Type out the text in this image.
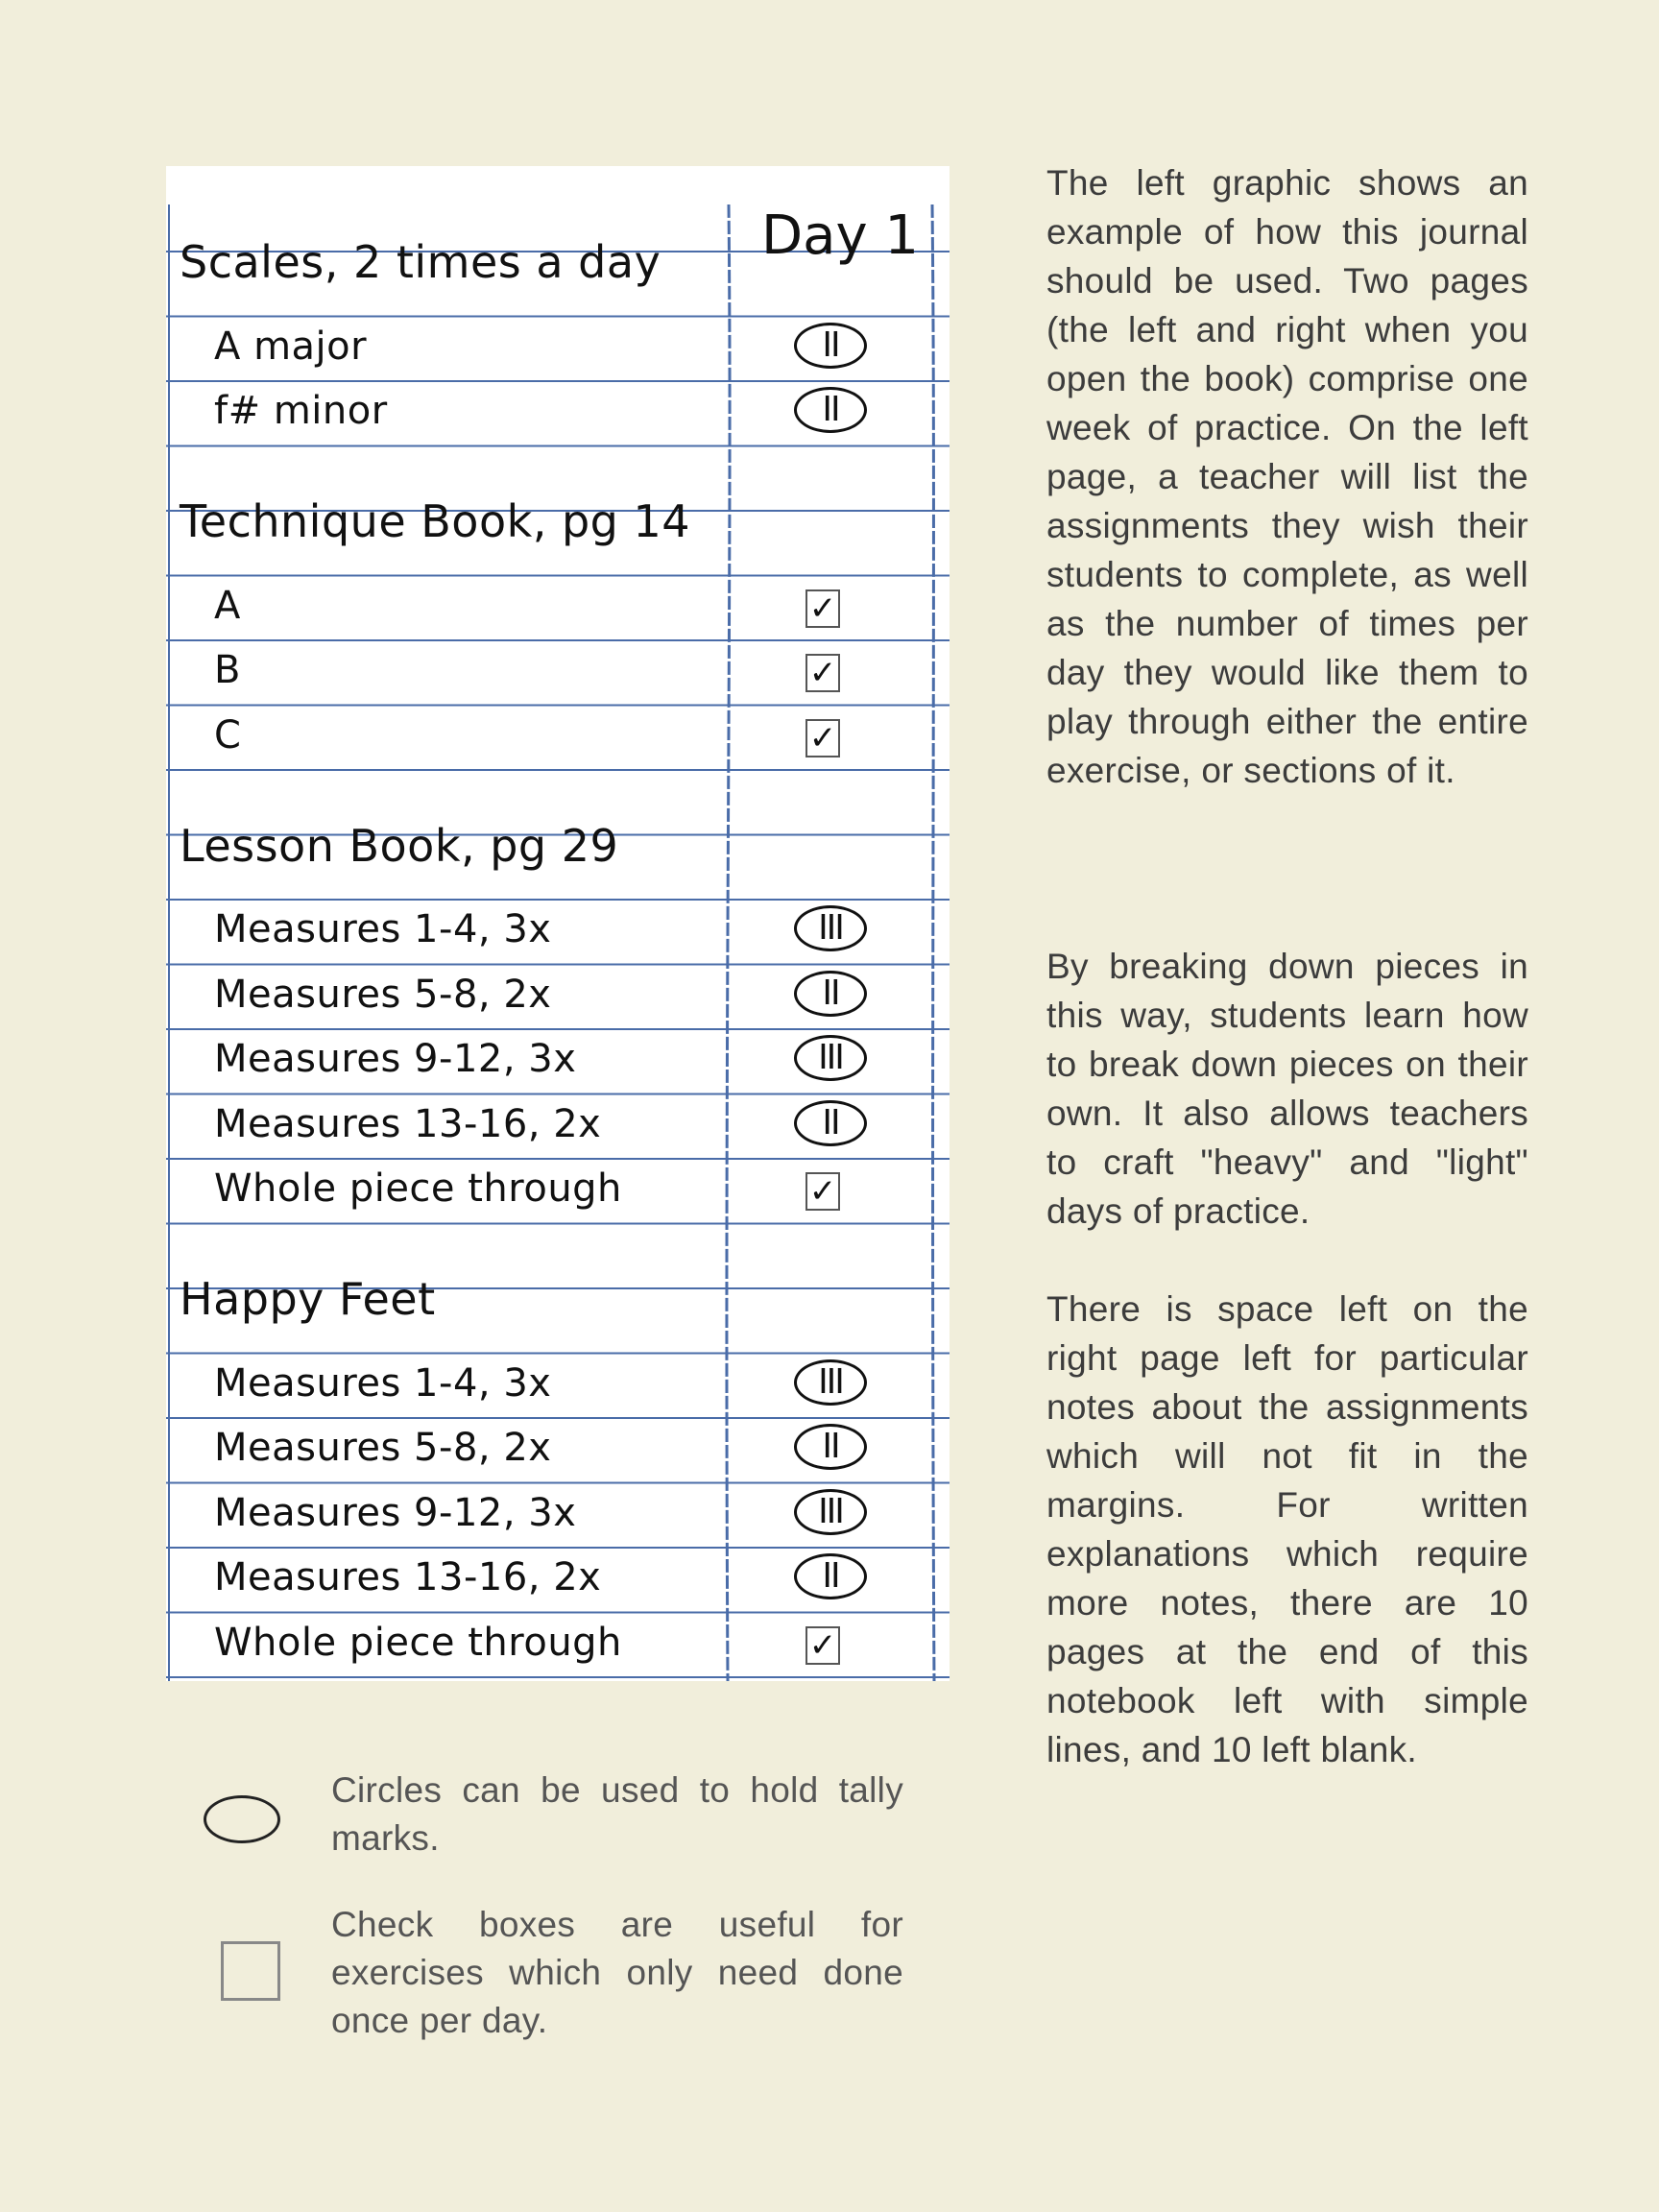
Day 1
Scales, 2 times a day
A major	II
f# minor	II
Technique Book, pg 14
A	✓
B	✓
C	✓
Lesson Book, pg 29
Measures 1-4, 3x	III
Measures 5-8, 2x	II
Measures 9-12, 3x	III
Measures 13-16, 2x	II
Whole piece through	✓
Happy Feet
Measures 1-4, 3x	III
Measures 5-8, 2x	II
Measures 9-12, 3x	III
Measures 13-16, 2x	II
Whole piece through	✓

The left graphic shows an example of how this journal should be used. Two pages (the left and right when you open the book) comprise one week of practice. On the left page, a teacher will list the assignments they wish their students to complete, as well as the number of times per day they would like them to play through either the entire exercise, or sections of it.

By breaking down pieces in this way, students learn how to break down pieces on their own. It also allows teachers to craft "heavy" and "light" days of practice.

There is space left on the right page left for particular notes about the assignments which will not fit in the margins. For written explanations which require more notes, there are 10 pages at the end of this notebook left with simple lines, and 10 left blank.

Circles can be used to hold tally marks.

Check boxes are useful for exercises which only need done once per day.
